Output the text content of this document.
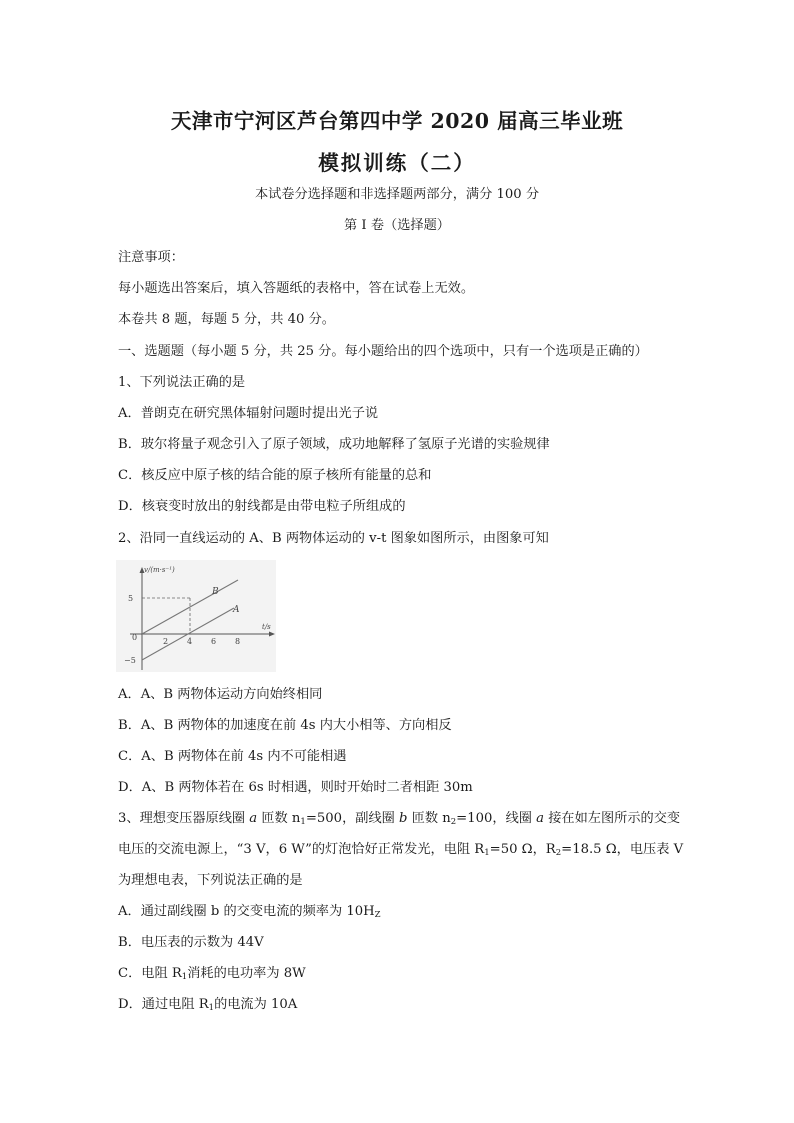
天津市宁河区芦台第四中学 2020 届高三毕业班
模拟训练（二）
本试卷分选择题和非选择题两部分，满分 100 分
第 I 卷（选择题）
注意事项：
每小题选出答案后，填入答题纸的表格中，答在试卷上无效。
本卷共 8 题，每题 5 分，共 40 分。
一、选题题（每小题 5 分，共 25 分。每小题给出的四个选项中，只有一个选项是正确的）
1、下列说法正确的是
A．普朗克在研究黑体辐射问题时提出光子说
B．玻尔将量子观念引入了原子领域，成功地解释了氢原子光谱的实验规律
C．核反应中原子核的结合能的原子核所有能量的总和
D．核衰变时放出的射线都是由带电粒子所组成的
2、沿同一直线运动的 A、B 两物体运动的 v-t 图象如图所示，由图象可知
v/(m·s⁻¹)
t/s
0
5
−5
2 4 6 8
B
A
A．A、B 两物体运动方向始终相同
B．A、B 两物体的加速度在前 4s 内大小相等、方向相反
C．A、B 两物体在前 4s 内不可能相遇
D．A、B 两物体若在 6s 时相遇，则时开始时二者相距 30m
3、理想变压器原线圈 a 匝数 $n_1=500$，副线圈 b 匝数 $n_2=100$，线圈 a 接在如左图所示的交变
电压的交流电源上，“3 V，6 W”的灯泡恰好正常发光，电阻 $R_1=50$ Ω，$R_2=18.5$ Ω，电压表 V
为理想电表，下列说法正确的是
A．通过副线圈 b 的交变电流的频率为 $10H_Z$
B．电压表的示数为 44V
C．电阻 $R_1$消耗的电功率为 8W
D．通过电阻 $R_1$的电流为 10A
